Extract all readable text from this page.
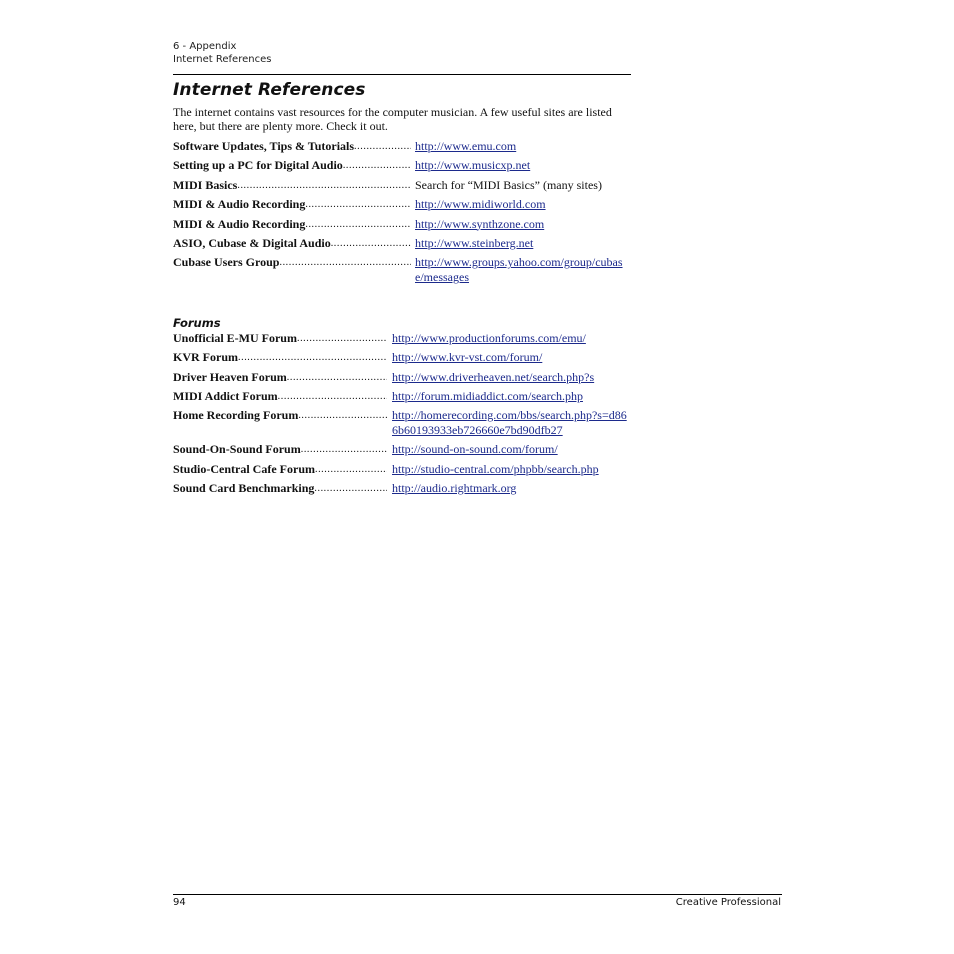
6 - Appendix
Internet References
Internet References

The internet contains vast resources for the computer musician. A few useful sites are listed here, but there are plenty more. Check it out.

Software Updates, Tips & Tutorials .....	http://www.emu.com
Setting up a PC for Digital Audio .....	http://www.musicxp.net
MIDI Basics .....	Search for “MIDI Basics” (many sites)
MIDI & Audio Recording .....	http://www.midiworld.com
MIDI & Audio Recording .....	http://www.synthzone.com
ASIO, Cubase & Digital Audio .....	http://www.steinberg.net
Cubase Users Group .....	http://www.groups.yahoo.com/group/cubase/messages
Forums
Unofficial E-MU Forum .....	http://www.productionforums.com/emu/
KVR Forum .....	http://www.kvr-vst.com/forum/
Driver Heaven Forum .....	http://www.driverheaven.net/search.php?s
MIDI Addict Forum .....	http://forum.midiaddict.com/search.php
Home Recording Forum .....	http://homerecording.com/bbs/search.php?s=d866b60193933eb726660e7bd90dfb27
Sound-On-Sound Forum .....	http://sound-on-sound.com/forum/
Studio-Central Cafe Forum .....	http://studio-central.com/phpbb/search.php
Sound Card Benchmarking .....	http://audio.rightmark.org
94	Creative Professional
